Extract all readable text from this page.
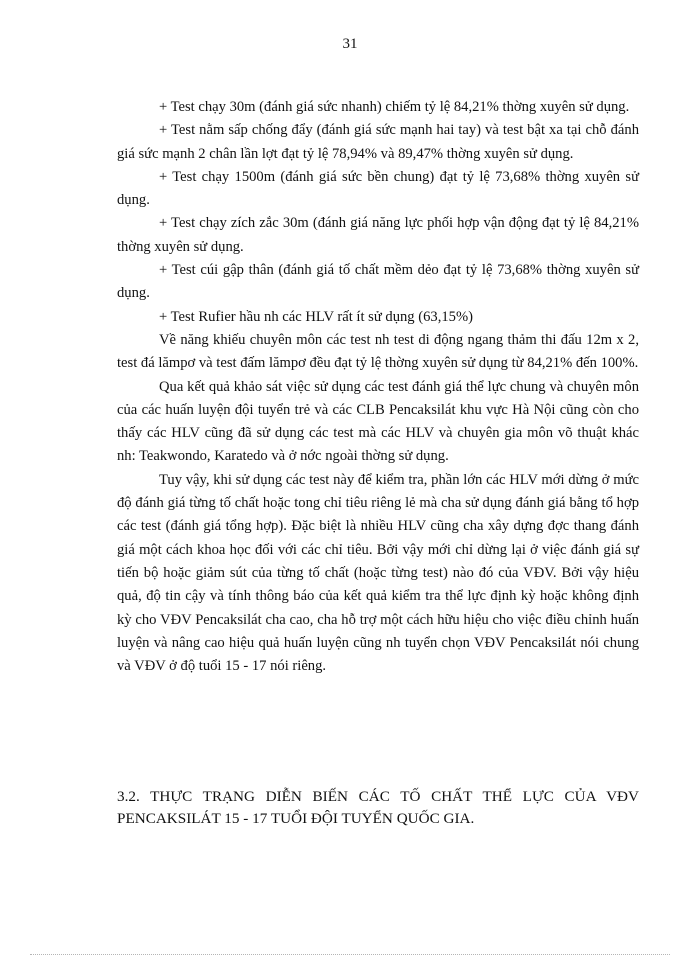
31

+ Test chạy 30m (đánh giá sức nhanh) chiếm tỷ lệ 84,21% thờng xuyên sử dụng.

+ Test nằm sấp chống đẩy (đánh giá sức mạnh hai tay) và test bật xa tại chỗ đánh giá sức mạnh 2 chân lần lợt đạt tỷ lệ 78,94% và 89,47% thờng xuyên sử dụng.

+ Test chạy 1500m (đánh giá sức bền chung) đạt tỷ lệ 73,68% thờng xuyên sử dụng.

+ Test chạy zích zắc 30m (đánh giá năng lực phối hợp vận động đạt tỷ lệ 84,21% thờng xuyên sử dụng.

+ Test cúi gập thân (đánh giá tố chất mềm dẻo đạt tỷ lệ 73,68% thờng xuyên sử dụng.

+ Test Rufier hầu nh các HLV rất ít sử dụng (63,15%)

Về năng khiếu chuyên môn các test nh test di động ngang thảm thi đấu 12m x 2, test đá lămpơ và test đấm lămpơ đều đạt tỷ lệ thờng xuyên sử dụng từ 84,21% đến 100%.

Qua kết quả khảo sát việc sử dụng các test đánh giá thể lực chung và chuyên môn của các huấn luyện đội tuyển trẻ và các CLB Pencaksilát khu vực Hà Nội cũng còn cho thấy các HLV cũng đã sử dụng các test mà các HLV và chuyên gia môn võ thuật khác nh: Teakwondo, Karatedo và ở nớc ngoài thờng sử dụng.

Tuy vậy, khi sử dụng các test này để kiểm tra, phần lớn các HLV mới dừng ở mức độ đánh giá từng tố chất hoặc tong chỉ tiêu riêng lẻ mà cha sử dụng đánh giá bằng tổ hợp các test (đánh giá tổng hợp). Đặc biệt là nhiều HLV cũng cha xây dựng đợc thang đánh giá một cách khoa học đối với các chỉ tiêu. Bởi vậy mới chỉ dừng lại ở việc đánh giá sự tiến bộ hoặc giảm sút của từng tố chất (hoặc từng test) nào đó của VĐV. Bởi vậy hiệu quả, độ tin cậy và tính thông báo của kết quả kiểm tra thể lực định kỳ hoặc không định kỳ cho VĐV Pencaksilát cha cao, cha hỗ trợ một cách hữu hiệu cho việc điều chỉnh huấn luyện và nâng cao hiệu quả huấn luyện cũng nh tuyển chọn VĐV Pencaksilát nói chung và VĐV ở độ tuổi 15 - 17 nói riêng.

3.2. THỰC TRẠNG DIỄN BIẾN CÁC TỐ CHẤT THỂ LỰC CỦA VĐV PENCAKSILÁT 15 - 17 TUỔI ĐỘI TUYỂN QUỐC GIA.
